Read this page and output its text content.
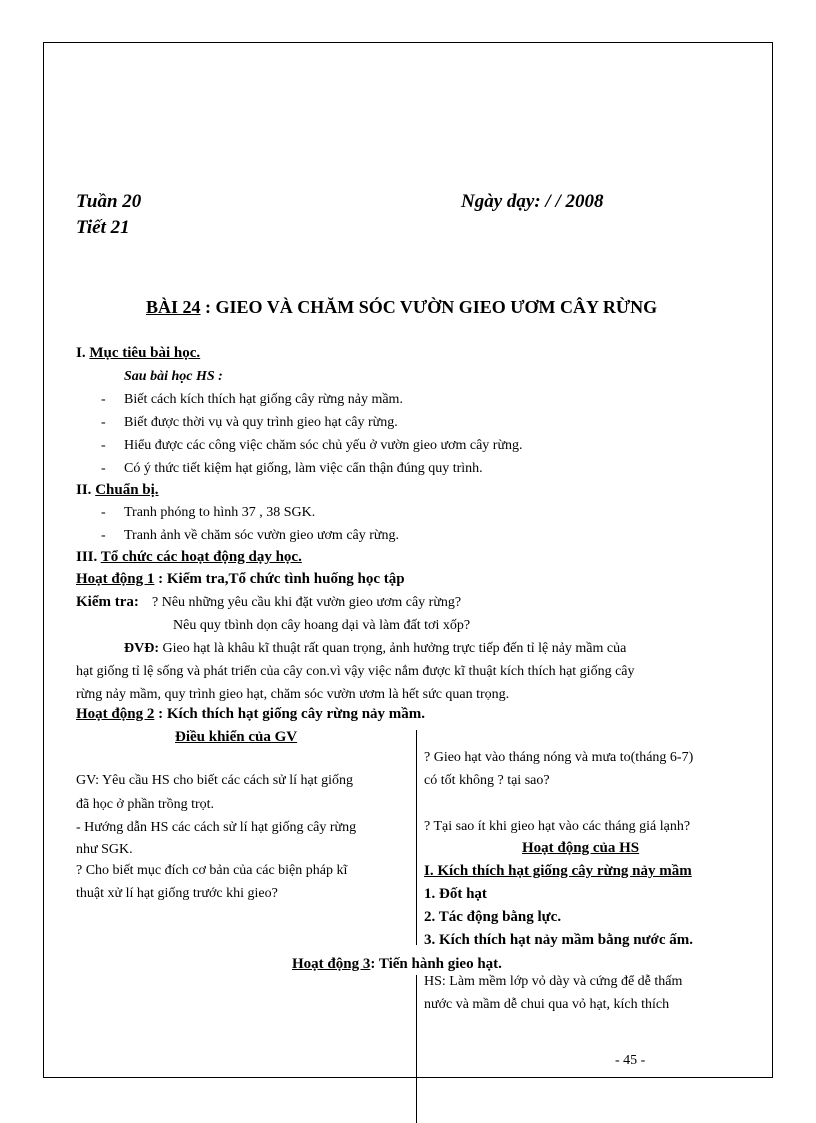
Tuần 20
Tiết 21
Ngày dạy: / / 2008
BÀI 24 : GIEO VÀ CHĂM SÓC VƯỜN GIEO ƯƠM CÂY RỪNG
I. Mục tiêu bài học.
Sau bài học HS :
- Biết cách kích thích hạt giống cây rừng nảy mầm.
- Biết được thời vụ và quy trình gieo hạt cây rừng.
- Hiểu được các công việc chăm sóc chủ yếu ở vườn gieo ươm cây rừng.
- Có ý thức tiết kiệm hạt giống, làm việc cẩn thận đúng quy trình.
II. Chuẩn bị.
- Tranh phóng to hình 37 , 38 SGK.
- Tranh ảnh về chăm sóc vườn gieo ươm cây rừng.
III. Tổ chức các hoạt động dạy học.
Hoạt động 1 : Kiểm tra,Tổ chức tình huống học tập
Kiểm tra: ? Nêu những yêu cầu khi đặt vườn gieo ươm cây rừng?
Nêu quy tbình dọn cây hoang dại và làm đất tơi xốp?
ĐVĐ: Gieo hạt là khâu kĩ thuật rất quan trọng, ảnh hưởng trực tiếp đến tỉ lệ nảy mầm của
hạt giống tỉ lệ sống và phát triển của cây con.vì vậy việc nắm được kĩ thuật kích thích hạt giống cây
rừng nảy mầm, quy trình gieo hạt, chăm sóc vườn ươm là hết sức quan trọng.
Hoạt động 2 : Kích thích hạt giống cây rừng nảy mầm.
Điều khiển của GV
GV: Yêu cầu HS cho biết các cách sử lí hạt giống
đã học ở phần trồng trọt.
- Hướng dẫn HS các cách sử lí hạt giống cây rừng
như SGK.
? Cho biết mục đích cơ bản của các biện pháp kĩ
thuật xử lí hạt giống trước khi gieo?
? Gieo hạt vào tháng nóng và mưa to(tháng 6-7)
có tốt không ? tại sao?
? Tại sao ít khi gieo hạt vào các tháng giá lạnh?
Hoạt động của HS
I. Kích thích hạt giống cây rừng nảy mầm
1. Đốt hạt
2. Tác động bằng lực.
3. Kích thích hạt nảy mầm bằng nước ấm.
Hoạt động 3: Tiến hành gieo hạt.
HS: Làm mềm lớp vỏ dày và cứng để dễ thấm
nước và mầm dễ chui qua vỏ hạt, kích thích
- 45 -
